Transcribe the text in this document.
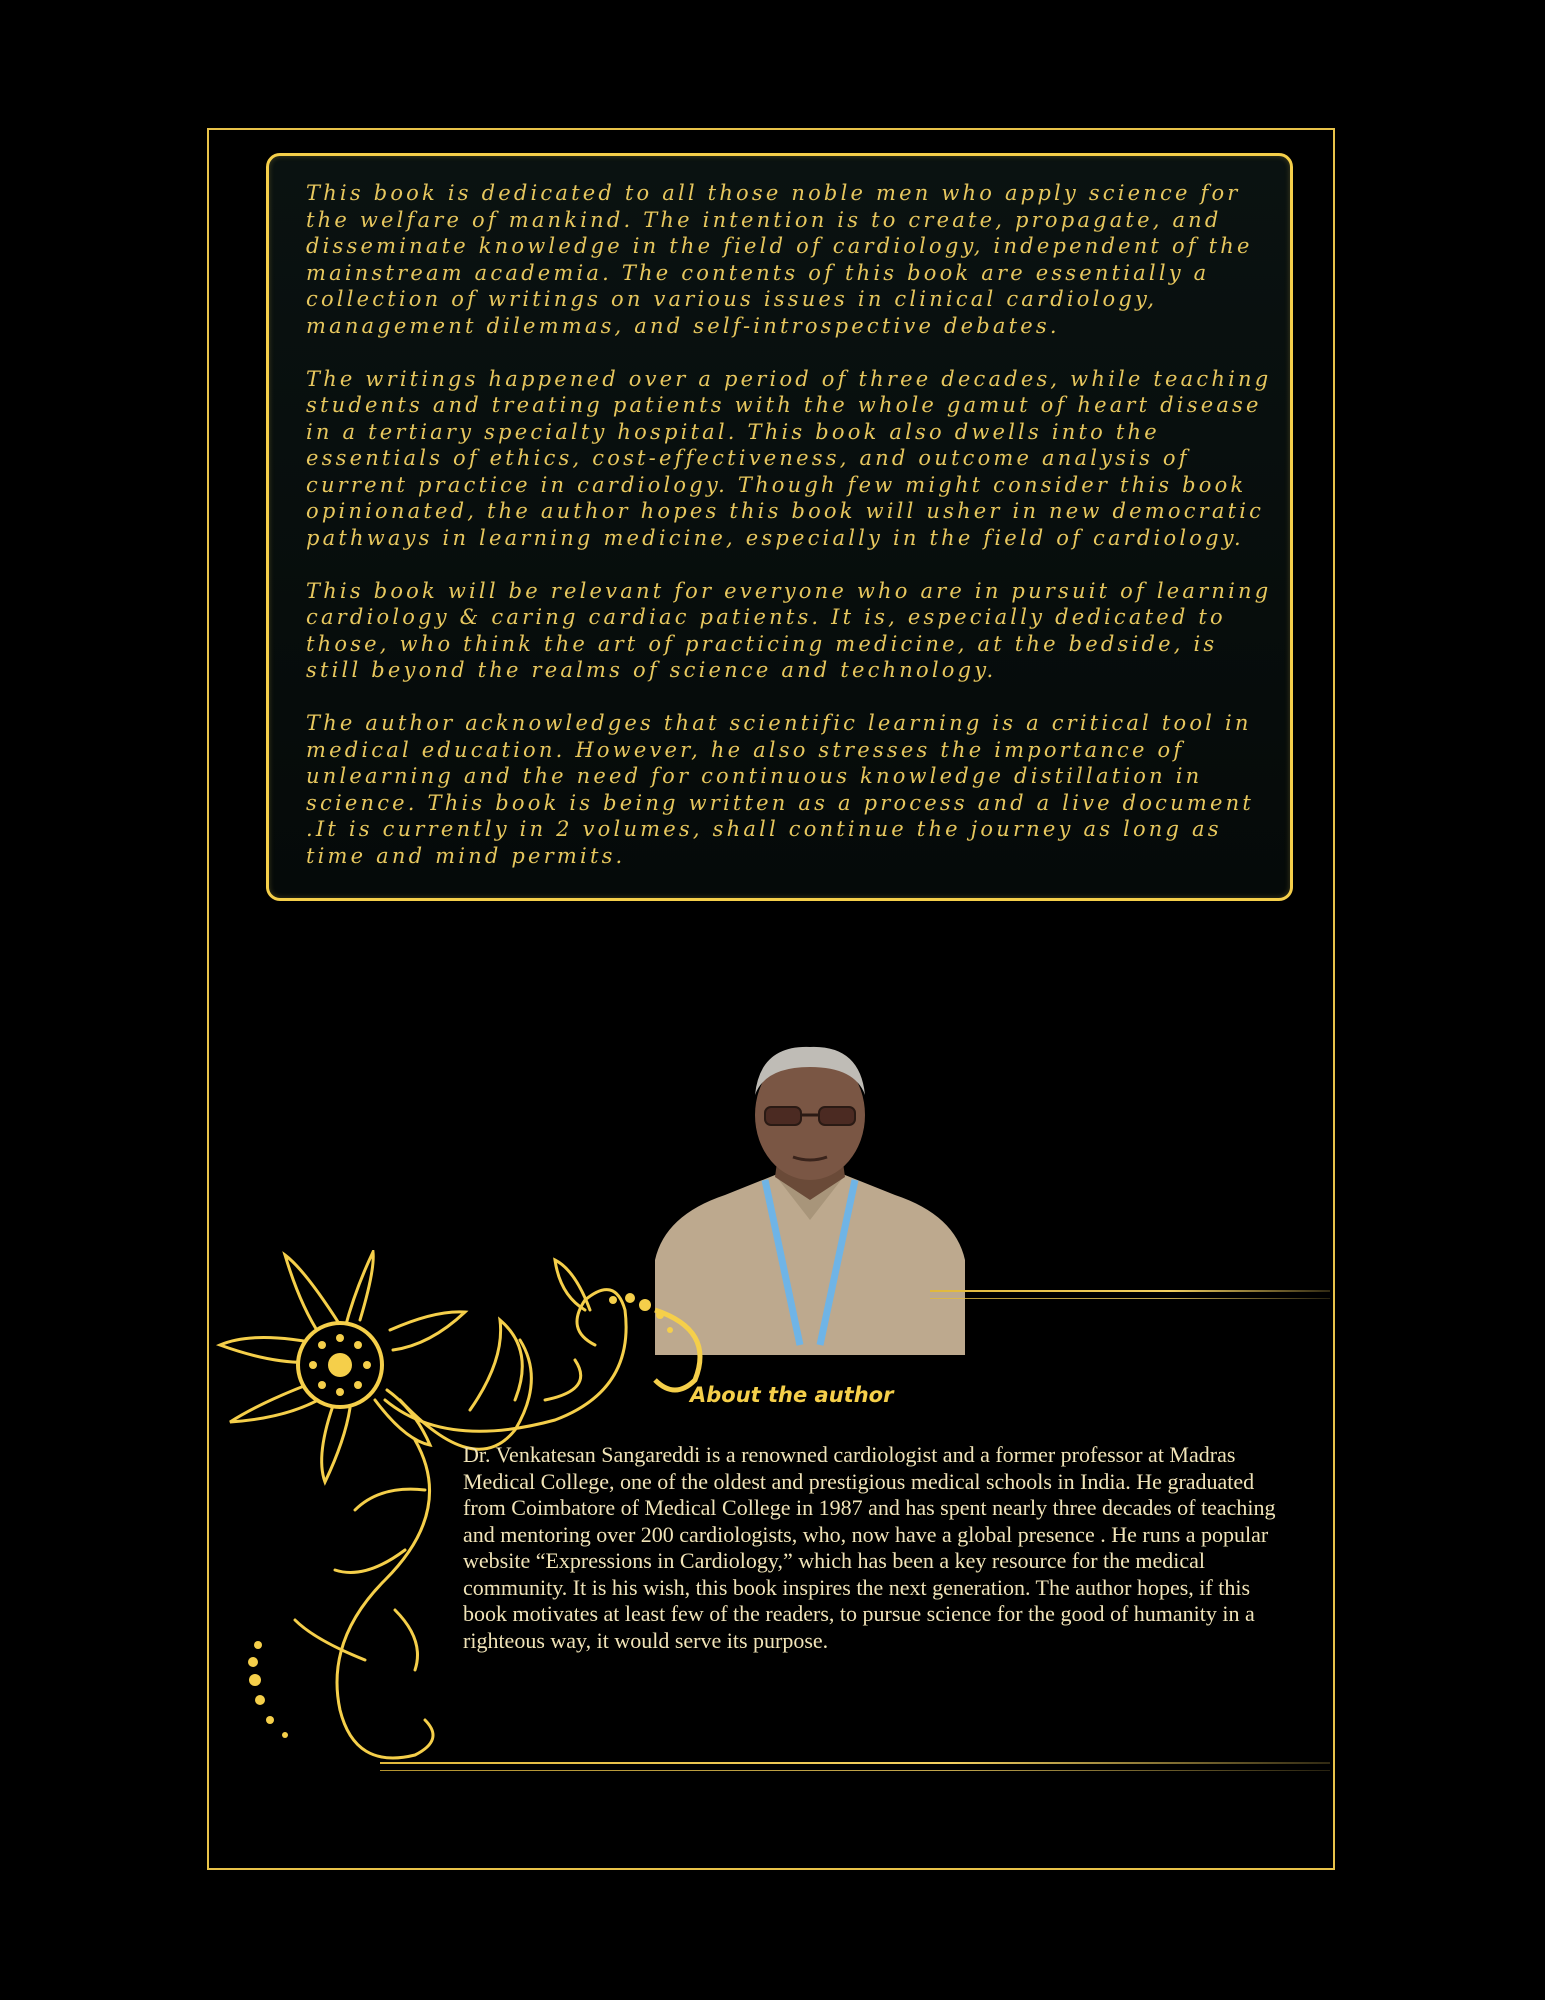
This book is dedicated to all those noble men who apply science for the welfare of mankind. The intention is to create, propagate, and disseminate knowledge in the field of cardiology, independent of the mainstream academia. The contents of this book are essentially a collection of writings on various issues in clinical cardiology, management dilemmas, and self-introspective debates.

The writings happened over a period of three decades, while teaching students and treating patients with the whole gamut of heart disease in a tertiary specialty hospital. This book also dwells into the essentials of ethics, cost-effectiveness, and outcome analysis of current practice in cardiology. Though few might consider this book opinionated, the author hopes this book will usher in new democratic pathways in learning medicine, especially in the field of cardiology.

This book will be relevant for everyone who are in pursuit of learning cardiology & caring cardiac patients. It is, especially dedicated to those, who think the art of practicing medicine, at the bedside, is still beyond the realms of science and technology.

The author acknowledges that scientific learning is a critical tool in medical education. However, he also stresses the importance of unlearning and the need for continuous knowledge distillation in science. This book is being written as a process and a live document .It is currently in 2 volumes, shall continue the journey as long as time and mind permits.

About the author

Dr. Venkatesan Sangareddi is a renowned cardiologist and a former professor at Madras Medical College, one of the oldest and prestigious medical schools in India. He graduated from Coimbatore of Medical College in 1987 and has spent nearly three decades of teaching and mentoring over 200 cardiologists, who, now have a global presence . He runs a popular website “Expressions in Cardiology,” which has been a key resource for the medical community. It is his wish, this book inspires the next generation. The author hopes, if this book motivates at least few of the readers, to pursue science for the good of humanity in a righteous way, it would serve its purpose.
